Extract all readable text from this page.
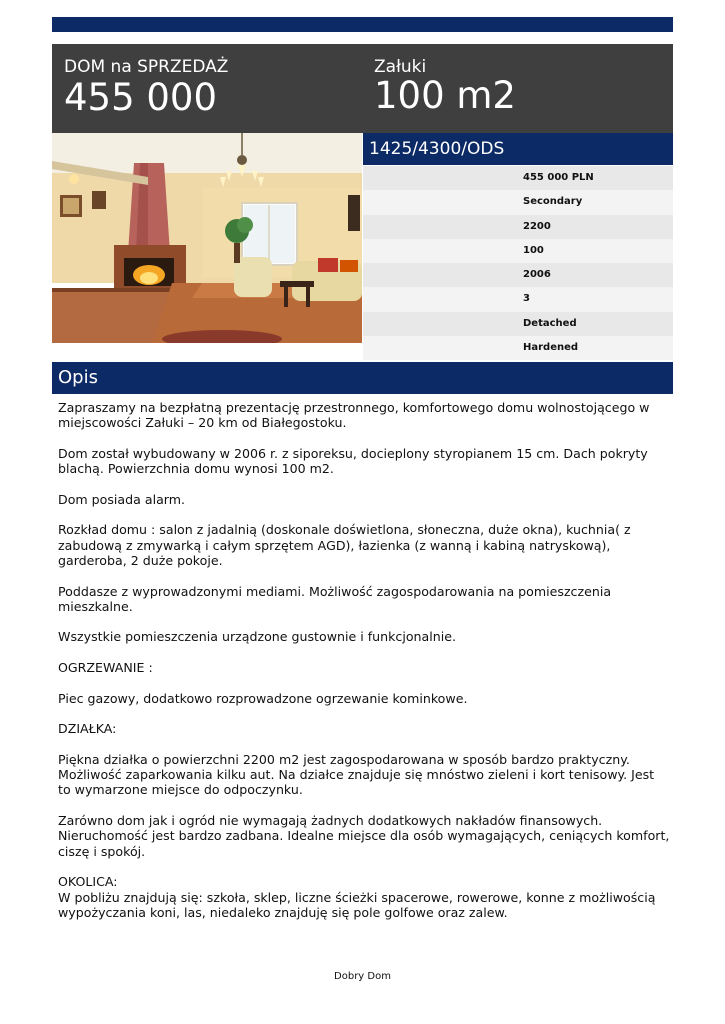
DOM na SPRZEDAŻ
455 000
Załuki
100 m2
1425/4300/ODS
455 000 PLN
Secondary
2200
100
2006
3
Detached
Hardened
Opis

Zapraszamy na bezpłatną prezentację przestronnego, komfortowego domu wolnostojącego w miejscowości Załuki – 20 km od Białegostoku.

Dom został wybudowany w 2006 r. z siporeksu, docieplony styropianem 15 cm. Dach pokryty blachą. Powierzchnia domu wynosi 100 m2.

Dom posiada alarm.

Rozkład domu : salon z jadalnią (doskonale doświetlona, słoneczna, duże okna), kuchnia( z zabudową z zmywarką i całym sprzętem AGD), łazienka (z wanną i kabiną natryskową), garderoba, 2 duże pokoje.

Poddasze z wyprowadzonymi mediami. Możliwość zagospodarowania na pomieszczenia mieszkalne.

Wszystkie pomieszczenia urządzone gustownie i funkcjonalnie.

OGRZEWANIE :

Piec gazowy, dodatkowo rozprowadzone ogrzewanie kominkowe.

DZIAŁKA:

Piękna działka o powierzchni 2200 m2 jest zagospodarowana w sposób bardzo praktyczny. Możliwość zaparkowania kilku aut. Na działce znajduje się mnóstwo zieleni i kort tenisowy. Jest to wymarzone miejsce do odpoczynku.

Zarówno dom jak i ogród nie wymagają żadnych dodatkowych nakładów finansowych. Nieruchomość jest bardzo zadbana. Idealne miejsce dla osób wymagających, ceniących komfort, ciszę i spokój.

OKOLICA:
W pobliżu znajdują się: szkoła, sklep, liczne ścieżki spacerowe, rowerowe, konne z możliwością wypożyczania koni, las, niedaleko znajduję się pole golfowe oraz zalew.

Dobry Dom
